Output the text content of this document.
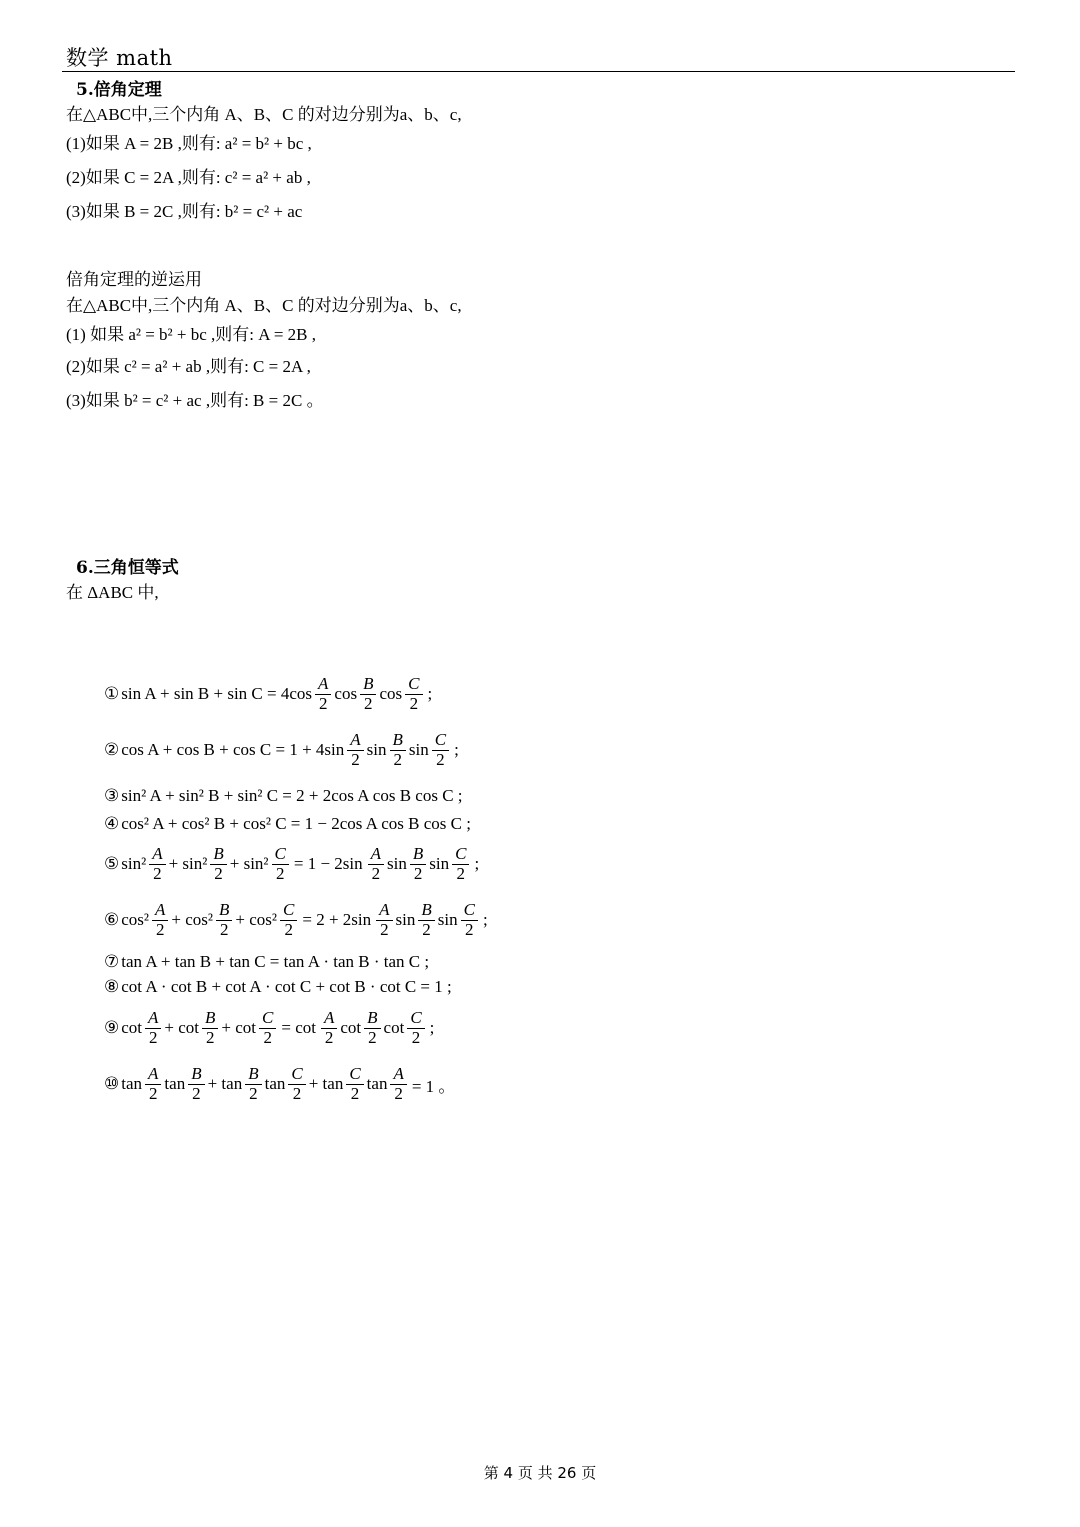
数学 math
5.倍角定理
在△ABC中,三个内角 A、B、C 的对边分别为a、b、c,
(1)如果 A = 2B ,则有: a² = b² + bc ,
(2)如果 C = 2A ,则有: c² = a² + ab ,
(3)如果 B = 2C ,则有: b² = c² + ac
倍角定理的逆运用
在△ABC中,三个内角 A、B、C 的对边分别为a、b、c,
(1) 如果 a² = b² + bc ,则有: A = 2B ,
(2)如果 c² = a² + ab ,则有: C = 2A ,
(3)如果 b² = c² + ac ,则有: B = 2C 。
6.三角恒等式
在 ΔABC 中,
① $\sin A + \sin B + \sin C = 4\cos \frac{A}{2}$ $\cos \frac{B}{2}$ $\cos \frac{C}{2}$ ;
② $\cos A + \cos B + \cos C = 1 + 4\sin \frac{A}{2}$ $\sin \frac{B}{2}$ $\sin \frac{C}{2}$ ;
③ sin² A + sin² B + sin² C = 2 + 2cos A cos B cos C ;
④ cos² A + cos² B + cos² C = 1 − 2cos A cos B cos C ;
⑤ $\sin^2 \frac{A}{2} + \sin^2 \frac{B}{2} + \sin^2 \frac{C}{2} = 1 - 2\sin \frac{A}{2}$ $\sin \frac{B}{2}$ $\sin \frac{C}{2}$ ;
⑥ $\cos^2 \frac{A}{2} + \cos^2 \frac{B}{2} + \cos^2 \frac{C}{2} = 2 + 2\sin \frac{A}{2}$ $\sin \frac{B}{2}$ $\sin \frac{C}{2}$ ;
⑦ tan A + tan B + tan C = tan A · tan B · tan C ;
⑧ cot A · cot B + cot A · cot C + cot B · cot C = 1 ;
⑨ $\cot \frac{A}{2} + \cot \frac{B}{2} + \cot \frac{C}{2} = \cot \frac{A}{2}$ $\cot \frac{B}{2}$ $\cot \frac{C}{2}$ ;
⑩ $\tan \frac{A}{2}$ $\tan \frac{B}{2} + \tan \frac{B}{2}$ $\tan \frac{C}{2} + \tan \frac{C}{2}$ $\tan \frac{A}{2} = 1$ 。
第 4 页 共 26 页
